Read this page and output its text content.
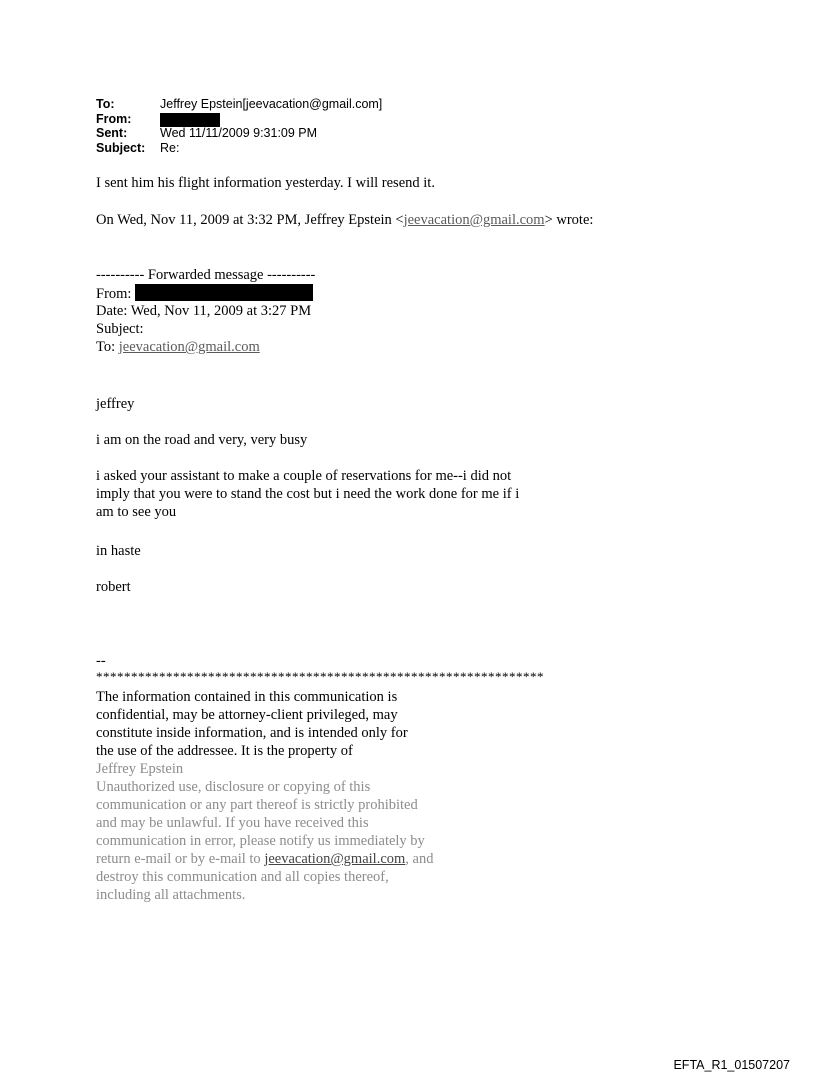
To:	Jeffrey Epstein[jeevacation@gmail.com]
From:
Sent:	Wed 11/11/2009 9:31:09 PM
Subject:	Re:
I sent him his flight information yesterday. I will resend it.
On Wed, Nov 11, 2009 at 3:32 PM, Jeffrey Epstein <jeevacation@gmail.com> wrote:
---------- Forwarded message ----------
From:
Date: Wed, Nov 11, 2009 at 3:27 PM
Subject:
To: jeevacation@gmail.com
jeffrey
i am on the road and very, very busy
i asked your assistant to make a couple of reservations for me--i did not
imply that you were to stand the cost but i need the work done for me if i
am to see you
in haste
robert
--
****************************************************************
The information contained in this communication is
confidential, may be attorney-client privileged, may
constitute inside information, and is intended only for
the use of the addressee. It is the property of
Jeffrey Epstein
Unauthorized use, disclosure or copying of this
communication or any part thereof is strictly prohibited
and may be unlawful. If you have received this
communication in error, please notify us immediately by
return e-mail or by e-mail to jeevacation@gmail.com, and
destroy this communication and all copies thereof,
including all attachments.
EFTA_R1_01507207
